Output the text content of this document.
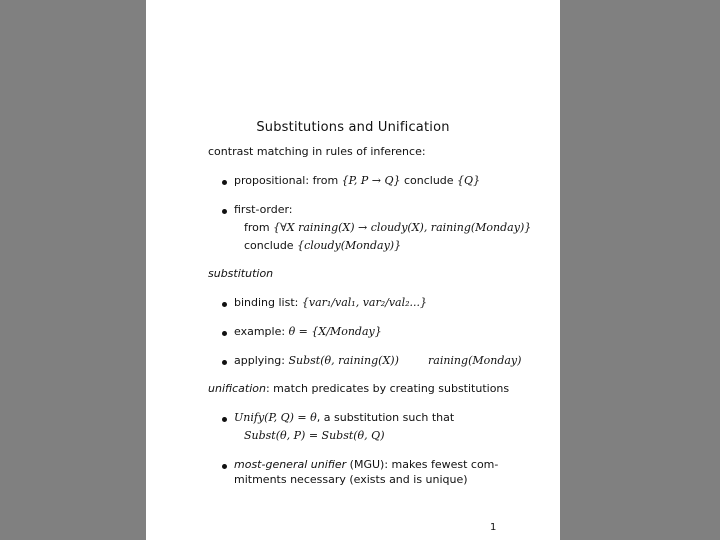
Substitutions and Unification
contrast matching in rules of inference:
propositional: from {P, P → Q} conclude {Q}
first-order:
from {∀X raining(X) → cloudy(X), raining(Monday)}
conclude {cloudy(Monday)}
substitution
binding list: {var₁/val₁, var₂/val₂...}
example: θ = {X/Monday}
applying: Subst(θ, raining(X))	raining(Monday)
unification: match predicates by creating substitutions
Unify(P, Q) = θ, a substitution such that
Subst(θ, P) = Subst(θ, Q)
most-general unifier (MGU): makes fewest com-
mitments necessary (exists and is unique)
1
